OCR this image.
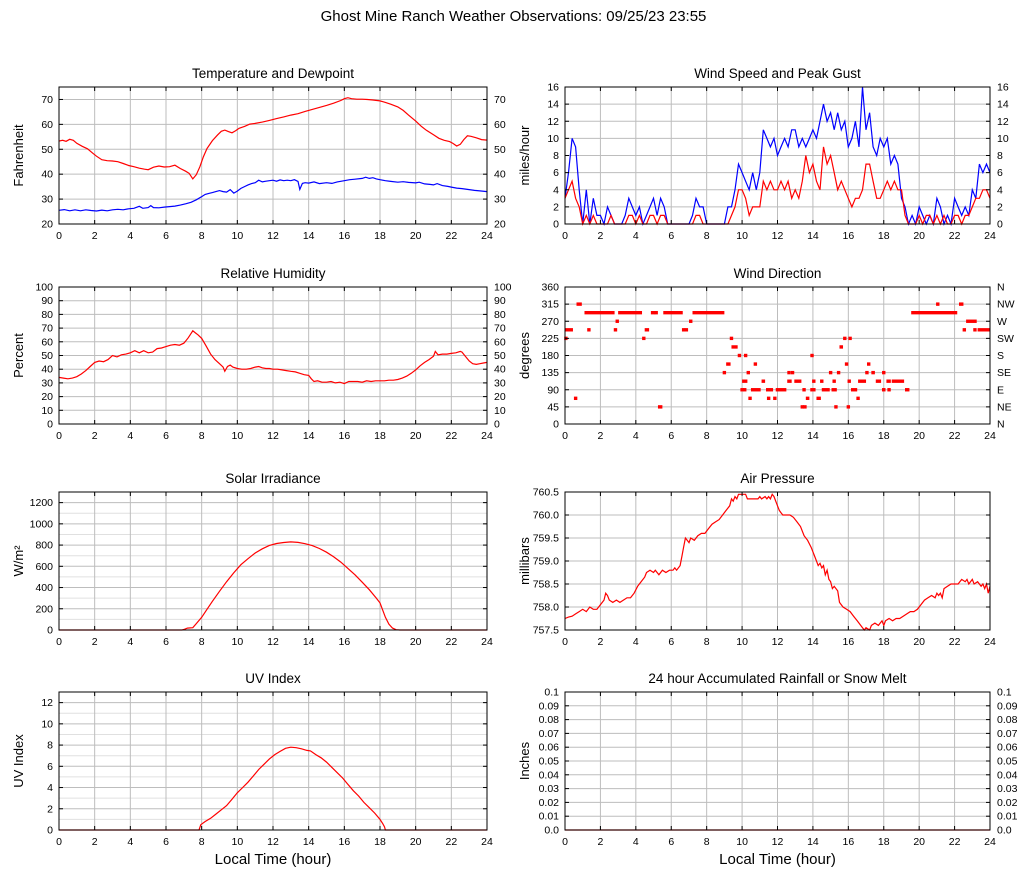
Ghost Mine Ranch Weather Observations: 09/25/23 23:55
0	2	4	6	8	10 12 14 16 18 20 22 24
20
30
40
50
60
70
20
30
40
50
60
70
Temperature and Dewpoint
Fahrenheit
0	2	4	6	8	10 12 14 16 18 20 22 24
0
2
4
6
8
10
12
14
16
0
2
4
6
8
10
12
14
16
Wind Speed and Peak Gust
miles/hour
0	2	4	6	8	10 12 14 16 18 20 22 24
0
10
20
30
40
50
60
70
80
90
100
0
10
20
30
40
50
60
70
80
90
100
Relative Humidity
Percent
0	2	4	6	8	10 12 14 16 18 20 22 24
0
45
90
135
180
225
270
315
360
N
NE
E
SE
S
SW
W
NW
N
Wind Direction
degrees
0	2	4	6	8	10 12 14 16 18 20 22 24
0
200
400
600
800
1000
1200
Solar Irradiance
W/m²
0	2	4	6	8	10 12 14 16 18 20 22 24
757.5
758.0
758.5
759.0
759.5
760.0
760.5
Air Pressure
millibars
0	2	4	6	8	10 12 14 16 18 20 22 24
0
2
4
6
8
10
12
UV Index
UV Index
Local Time (hour)
0	2	4	6	8	10 12 14 16 18 20 22 24
0.0
0.01
0.02
0.03
0.04
0.05
0.06
0.07
0.08
0.09
0.1
0.0
0.01
0.02
0.03
0.04
0.05
0.06
0.07
0.08
0.09
0.1
24 hour Accumulated Rainfall or Snow Melt
Inches
Local Time (hour)
